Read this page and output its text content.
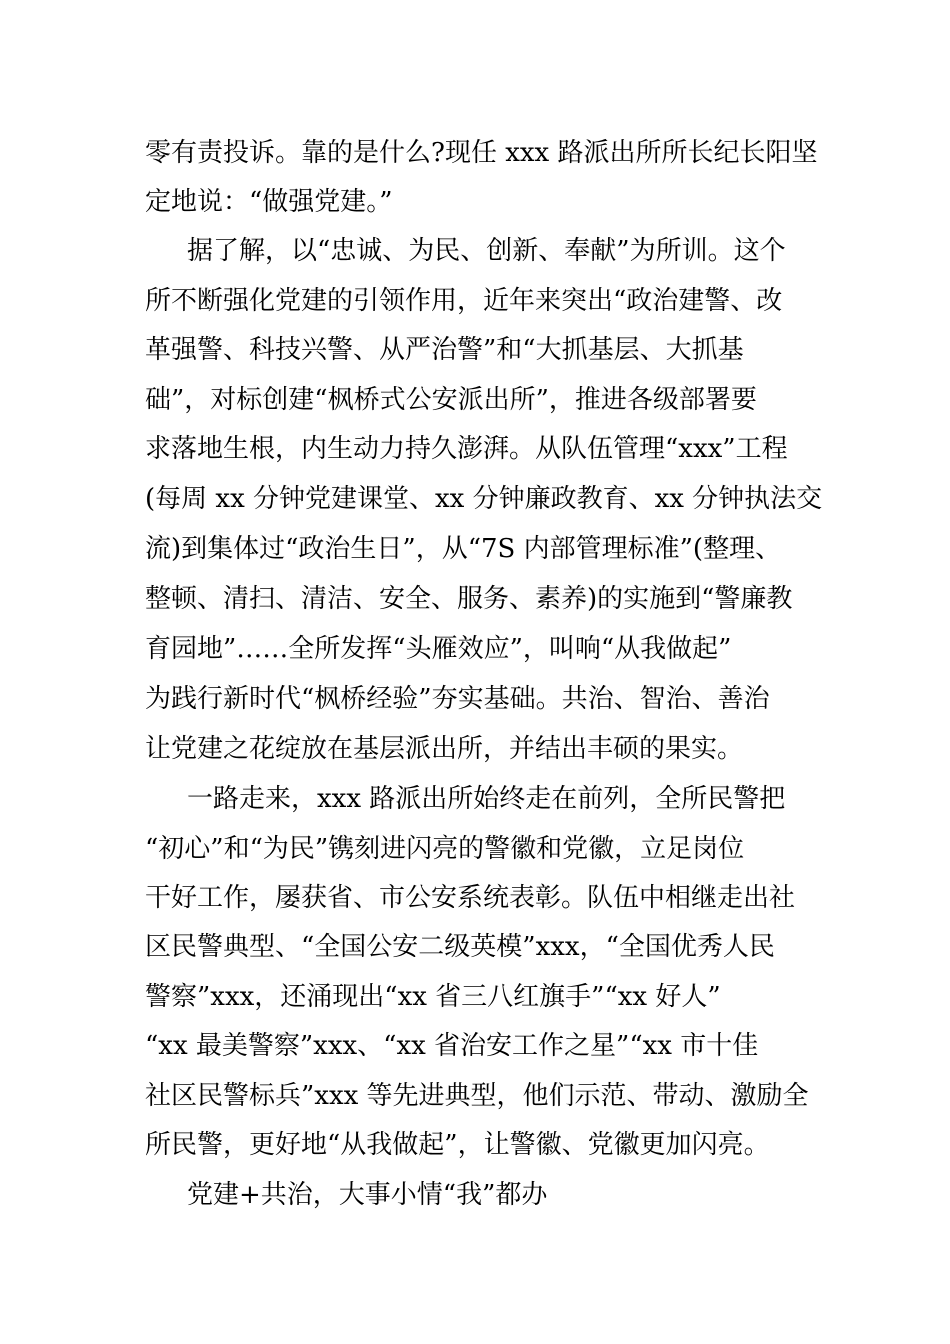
零有责投诉。靠的是什么?现任 xxx 路派出所所长纪长阳坚
定地说：“做强党建。”
据了解，以“忠诚、为民、创新、奉献”为所训。这个
所不断强化党建的引领作用，近年来突出“政治建警、改
革强警、科技兴警、从严治警”和“大抓基层、大抓基
础”，对标创建“枫桥式公安派出所”，推进各级部署要
求落地生根，内生动力持久澎湃。从队伍管理“xxx”工程
(每周 xx 分钟党建课堂、xx 分钟廉政教育、xx 分钟执法交
流)到集体过“政治生日”，从“7S 内部管理标准”(整理、
整顿、清扫、清洁、安全、服务、素养)的实施到“警廉教
育园地”……全所发挥“头雁效应”，叫响“从我做起”
为践行新时代“枫桥经验”夯实基础。共治、智治、善治
让党建之花绽放在基层派出所，并结出丰硕的果实。
一路走来，xxx 路派出所始终走在前列，全所民警把
“初心”和“为民”镌刻进闪亮的警徽和党徽，立足岗位
干好工作，屡获省、市公安系统表彰。队伍中相继走出社
区民警典型、“全国公安二级英模”xxx，“全国优秀人民
警察”xxx，还涌现出“xx 省三八红旗手”“xx 好人”
“xx 最美警察”xxx、“xx 省治安工作之星”“xx 市十佳
社区民警标兵”xxx 等先进典型，他们示范、带动、激励全
所民警，更好地“从我做起”，让警徽、党徽更加闪亮。
党建+共治，大事小情“我”都办
